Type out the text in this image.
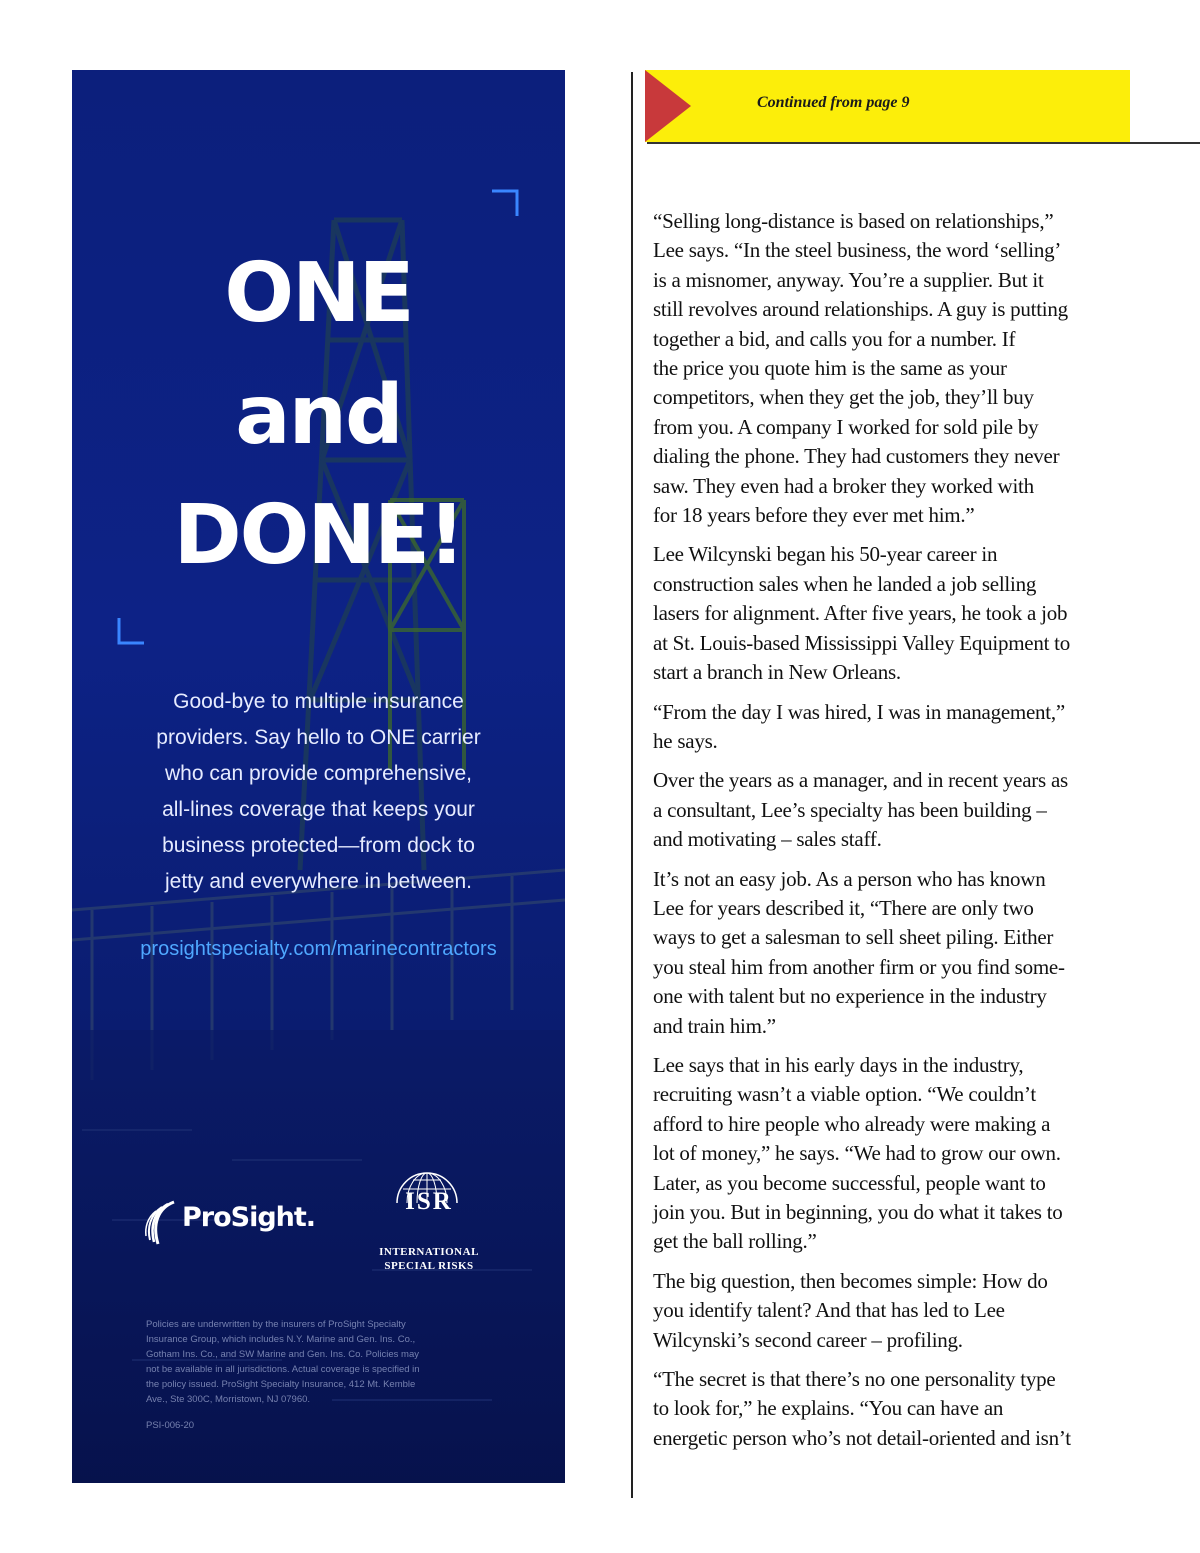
ONE
and
DONE!
Good-bye to multiple insurance
providers. Say hello to ONE carrier
who can provide comprehensive,
all-lines coverage that keeps your
business protected—from dock to
jetty and everywhere in between.
prosightspecialty.com/marinecontractors
ProSight.
ISR
INTERNATIONAL
SPECIAL RISKS
Policies are underwritten by the insurers of ProSight Specialty
Insurance Group, which includes N.Y. Marine and Gen. Ins. Co.,
Gotham Ins. Co., and SW Marine and Gen. Ins. Co. Policies may
not be available in all jurisdictions. Actual coverage is specified in
the policy issued. ProSight Specialty Insurance, 412 Mt. Kemble
Ave., Ste 300C, Morristown, NJ 07960.
PSI-006-20
Continued from page 9

“Selling long-distance is based on relationships,”
Lee says. “In the steel business, the word ‘selling’
is a misnomer, anyway. You’re a supplier. But it
still revolves around relationships. A guy is putting
together a bid, and calls you for a number. If
the price you quote him is the same as your
competitors, when they get the job, they’ll buy
from you. A company I worked for sold pile by
dialing the phone. They had customers they never
saw. They even had a broker they worked with
for 18 years before they ever met him.”

Lee Wilcynski began his 50-year career in
construction sales when he landed a job selling
lasers for alignment. After five years, he took a job
at St. Louis-based Mississippi Valley Equipment to
start a branch in New Orleans.

“From the day I was hired, I was in management,”
he says.

Over the years as a manager, and in recent years as
a consultant, Lee’s specialty has been building –
and motivating – sales staff.

It’s not an easy job. As a person who has known
Lee for years described it, “There are only two
ways to get a salesman to sell sheet piling. Either
you steal him from another firm or you find some-
one with talent but no experience in the industry
and train him.”

Lee says that in his early days in the industry,
recruiting wasn’t a viable option. “We couldn’t
afford to hire people who already were making a
lot of money,” he says. “We had to grow our own.
Later, as you become successful, people want to
join you. But in beginning, you do what it takes to
get the ball rolling.”

The big question, then becomes simple: How do
you identify talent? And that has led to Lee
Wilcynski’s second career – profiling.

“The secret is that there’s no one personality type
to look for,” he explains. “You can have an
energetic person who’s not detail-oriented and isn’t
